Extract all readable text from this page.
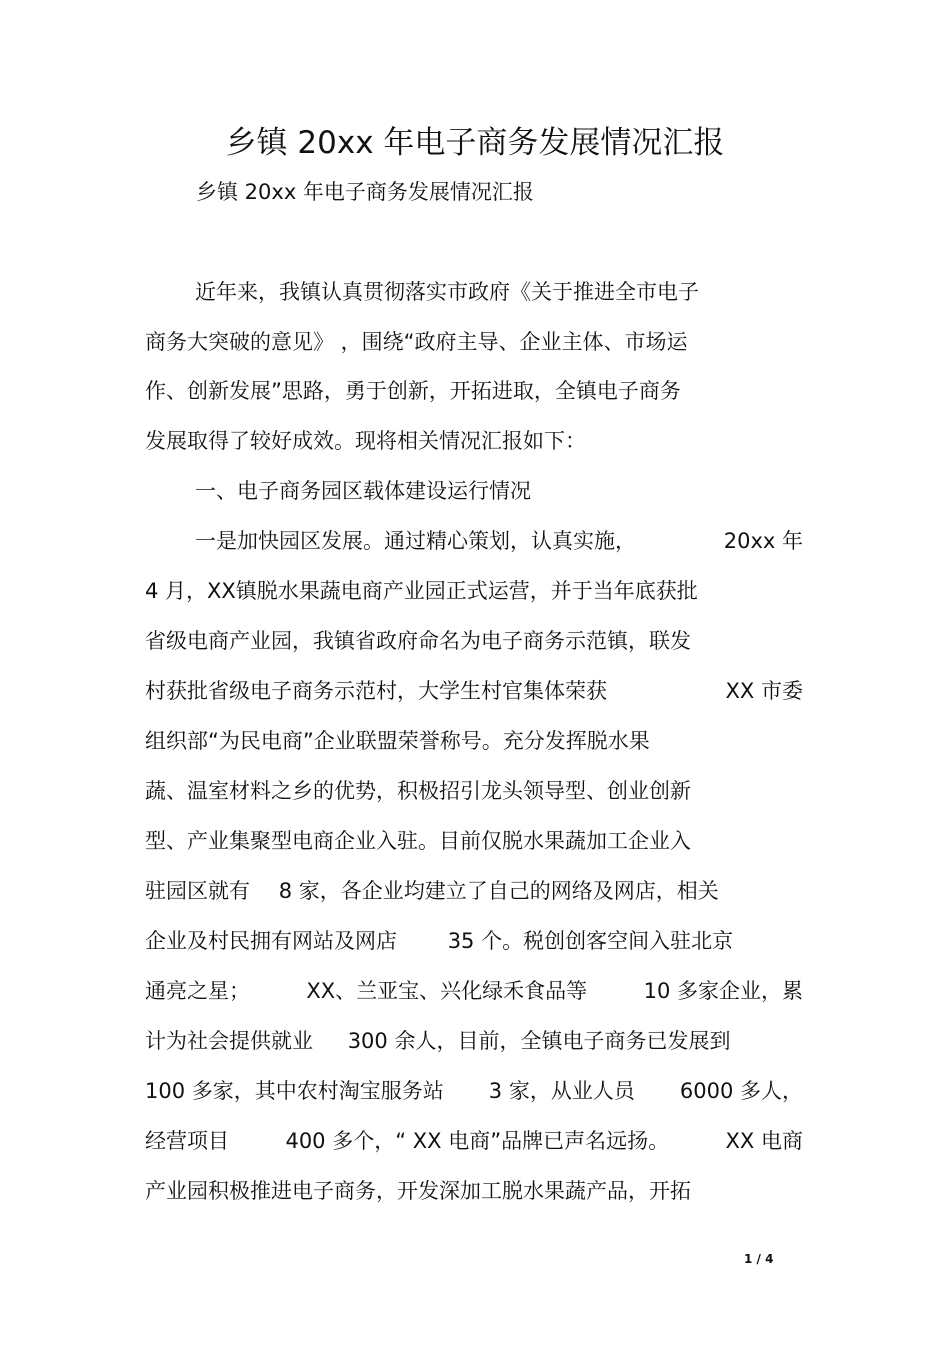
乡镇 20xx 年电子商务发展情况汇报
乡镇 20xx 年电子商务发展情况汇报
近年来，我镇认真贯彻落实市政府《关于推进全市电子
商务大突破的意见》 ，围绕“政府主导、企业主体、市场运
作、创新发展”思路，勇于创新，开拓进取，全镇电子商务
发展取得了较好成效。现将相关情况汇报如下：
一、电子商务园区载体建设运行情况
一是加快园区发展。通过精心策划，认真实施，	20xx 年
4 月，XX镇脱水果蔬电商产业园正式运营，并于当年底获批
省级电商产业园，我镇省政府命名为电子商务示范镇，联发
村获批省级电子商务示范村，大学生村官集体荣获	XX 市委
组织部“为民电商”企业联盟荣誉称号。充分发挥脱水果
蔬、温室材料之乡的优势，积极招引龙头领导型、创业创新
型、产业集聚型电商企业入驻。目前仅脱水果蔬加工企业入
驻园区就有 8 家，各企业均建立了自己的网络及网店，相关
企业及村民拥有网站及网店 35 个。税创创客空间入驻北京
通亮之星；	XX、兰亚宝、兴化绿禾食品等	10 多家企业，累
计为社会提供就业 300 余人，目前，全镇电子商务已发展到
100 多家，其中农村淘宝服务站 3 家，从业人员 6000 多人，
经营项目	400 多个，“ XX 电商”品牌已声名远扬。	XX 电商
产业园积极推进电子商务，开发深加工脱水果蔬产品，开拓
1 / 4
